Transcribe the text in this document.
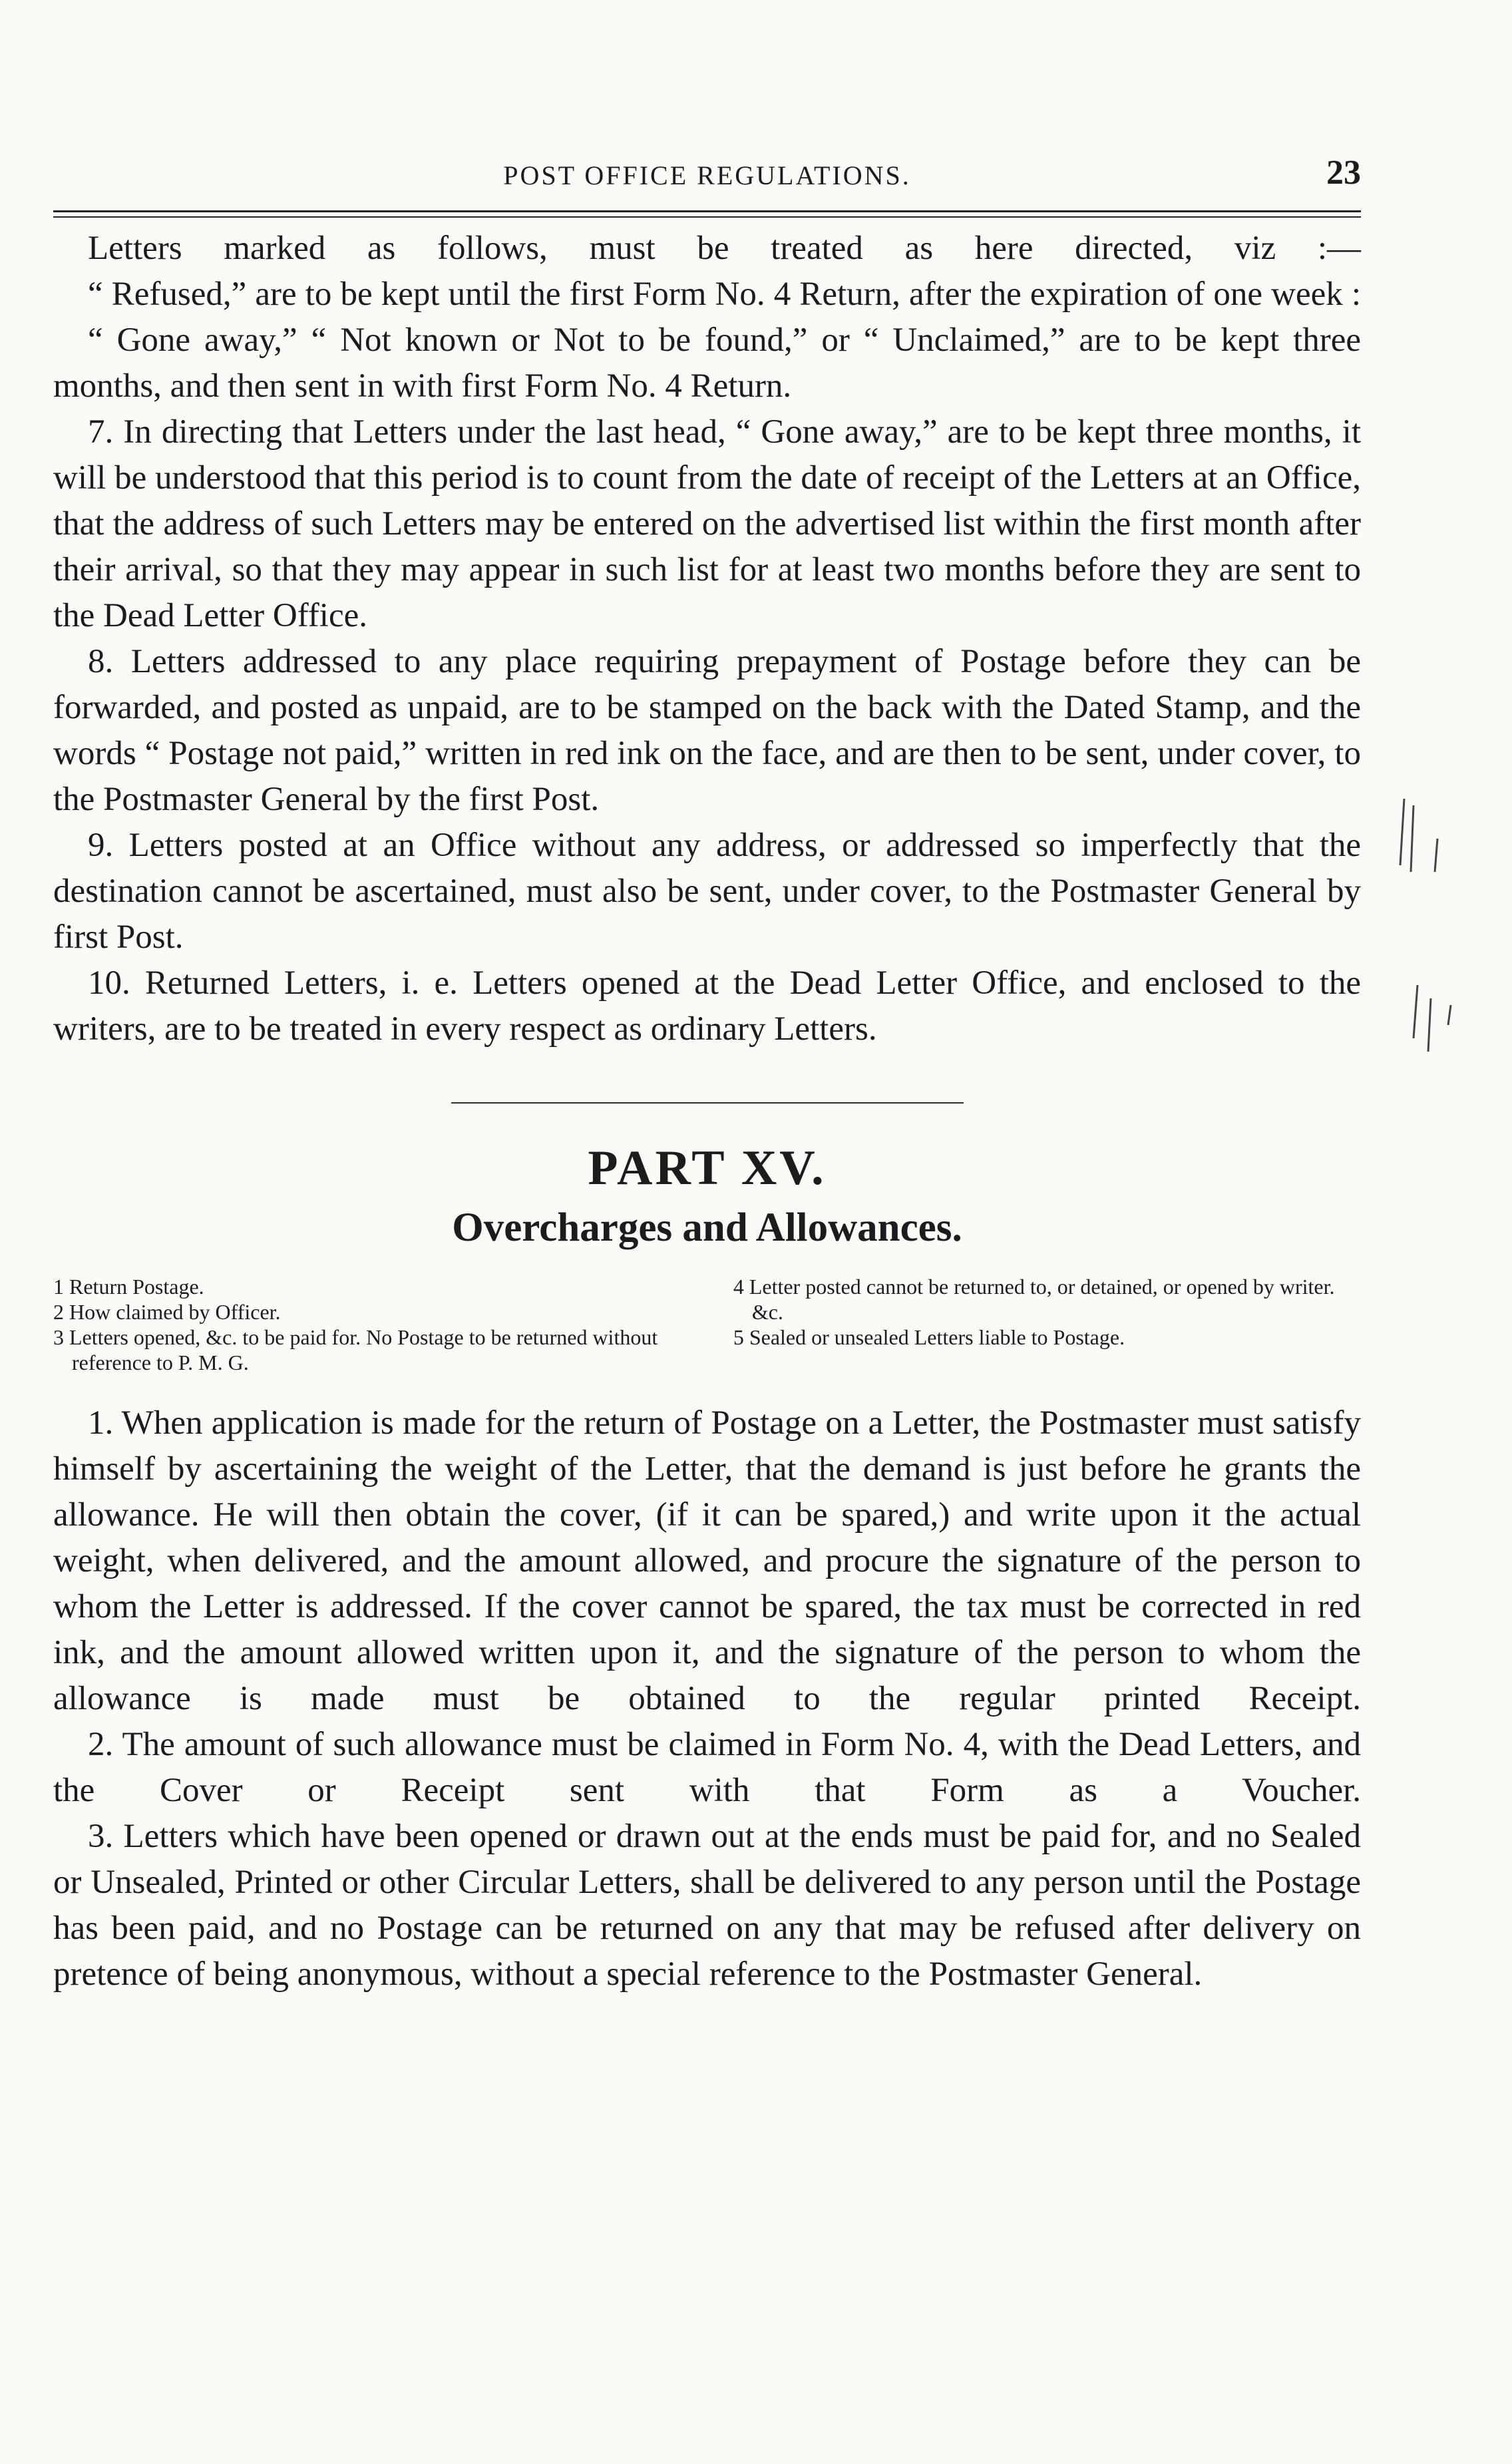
POST OFFICE REGULATIONS.	23

Letters marked as follows, must be treated as here directed, viz :—

“ Refused,” are to be kept until the first Form No. 4 Return, after the expiration of one week :

“ Gone away,” “ Not known or Not to be found,” or “ Unclaimed,” are to be kept three months, and then sent in with first Form No. 4 Return.

7. In directing that Letters under the last head, “ Gone away,” are to be kept three months, it will be understood that this period is to count from the date of receipt of the Letters at an Office, that the address of such Letters may be entered on the advertised list within the first month after their arrival, so that they may appear in such list for at least two months before they are sent to the Dead Letter Office.

8. Letters addressed to any place requiring prepayment of Postage before they can be forwarded, and posted as unpaid, are to be stamped on the back with the Dated Stamp, and the words “ Postage not paid,” written in red ink on the face, and are then to be sent, under cover, to the Postmaster General by the first Post.

9. Letters posted at an Office without any address, or addressed so imperfectly that the destination cannot be ascertained, must also be sent, under cover, to the Postmaster General by first Post.

10. Returned Letters, i. e. Letters opened at the Dead Letter Office, and enclosed to the writers, are to be treated in every respect as ordinary Letters.

PART XV.
Overcharges and Allowances.
1 Return Postage.
2 How claimed by Officer.
3 Letters opened, &c. to be paid for. No Postage to be returned without reference to P. M. G.
4 Letter posted cannot be returned to, or detained, or opened by writer. &c.
5 Sealed or unsealed Letters liable to Postage.

1. When application is made for the return of Postage on a Letter, the Postmaster must satisfy himself by ascertaining the weight of the Letter, that the demand is just before he grants the allowance. He will then obtain the cover, (if it can be spared,) and write upon it the actual weight, when delivered, and the amount allowed, and procure the signature of the person to whom the Letter is addressed. If the cover cannot be spared, the tax must be corrected in red ink, and the amount allowed written upon it, and the signature of the person to whom the allowance is made must be obtained to the regular printed Receipt.

2. The amount of such allowance must be claimed in Form No. 4, with the Dead Letters, and the Cover or Receipt sent with that Form as a Voucher.

3. Letters which have been opened or drawn out at the ends must be paid for, and no Sealed or Unsealed, Printed or other Circular Letters, shall be delivered to any person until the Postage has been paid, and no Postage can be returned on any that may be refused after delivery on pretence of being anonymous, without a special reference to the Postmaster General.
